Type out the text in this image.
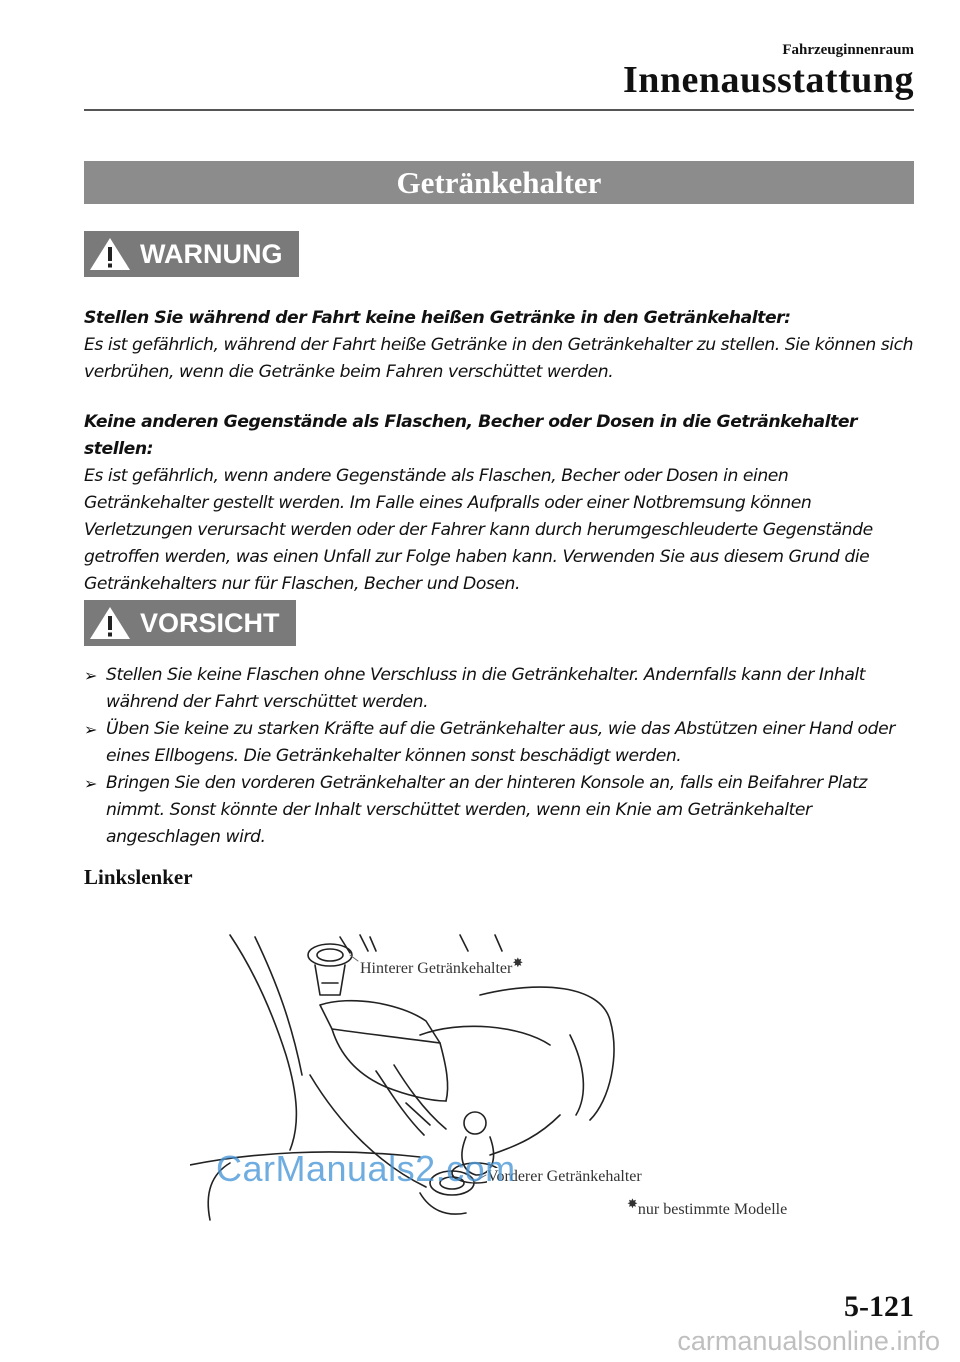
Fahrzeuginnenraum
Innenausstattung
Getränkehalter
WARNUNG
Stellen Sie während der Fahrt keine heißen Getränke in den Getränkehalter:
Es ist gefährlich, während der Fahrt heiße Getränke in den Getränkehalter zu stellen. Sie können sich verbrühen, wenn die Getränke beim Fahren verschüttet werden.
Keine anderen Gegenstände als Flaschen, Becher oder Dosen in die Getränkehalter stellen:
Es ist gefährlich, wenn andere Gegenstände als Flaschen, Becher oder Dosen in einen Getränkehalter gestellt werden. Im Falle eines Aufpralls oder einer Notbremsung können Verletzungen verursacht werden oder der Fahrer kann durch herumgeschleuderte Gegenstände getroffen werden, was einen Unfall zur Folge haben kann. Verwenden Sie aus diesem Grund die Getränkehalters nur für Flaschen, Becher und Dosen.
VORSICHT
➢ Stellen Sie keine Flaschen ohne Verschluss in die Getränkehalter. Andernfalls kann der Inhalt während der Fahrt verschüttet werden.
➢ Üben Sie keine zu starken Kräfte auf die Getränkehalter aus, wie das Abstützen einer Hand oder eines Ellbogens. Die Getränkehalter können sonst beschädigt werden.
➢ Bringen Sie den vorderen Getränkehalter an der hinteren Konsole an, falls ein Beifahrer Platz nimmt. Sonst könnte der Inhalt verschüttet werden, wenn ein Knie am Getränkehalter angeschlagen wird.
Linkslenker
Hinterer Getränkehalter✸
Vorderer Getränkehalter
✸nur bestimmte Modelle
CarManuals2.com
5-121
carmanualsonline.info
